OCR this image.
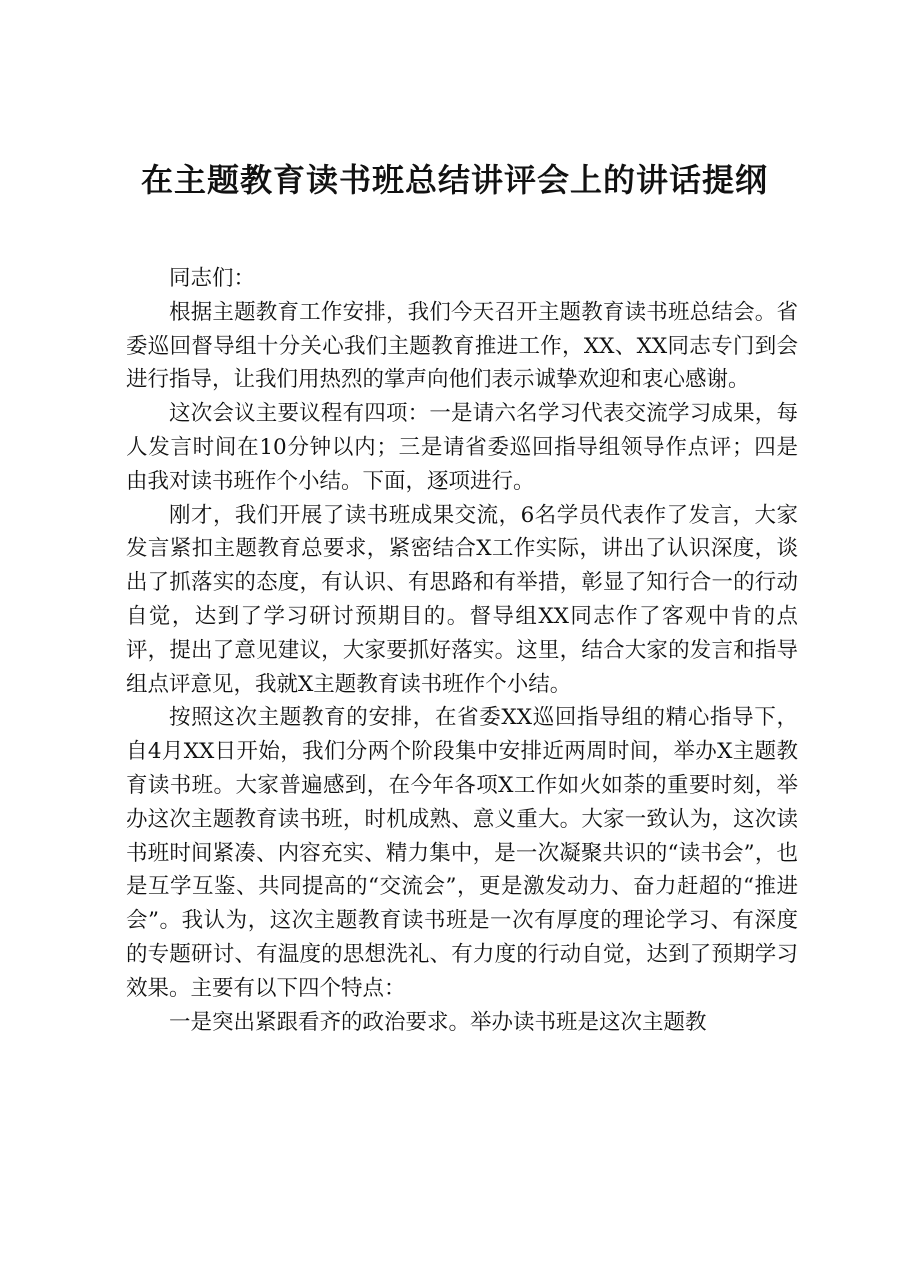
在主题教育读书班总结讲评会上的讲话提纲

同志们：

根据主题教育工作安排，我们今天召开主题教育读书班总结会。省委巡回督导组十分关心我们主题教育推进工作，XX、XX同志专门到会进行指导，让我们用热烈的掌声向他们表示诚挚欢迎和衷心感谢。

这次会议主要议程有四项：一是请六名学习代表交流学习成果，每人发言时间在10分钟以内；三是请省委巡回指导组领导作点评；四是由我对读书班作个小结。下面，逐项进行。

刚才，我们开展了读书班成果交流，6名学员代表作了发言，大家发言紧扣主题教育总要求，紧密结合X工作实际，讲出了认识深度，谈出了抓落实的态度，有认识、有思路和有举措，彰显了知行合一的行动自觉，达到了学习研讨预期目的。督导组XX同志作了客观中肯的点评，提出了意见建议，大家要抓好落实。这里，结合大家的发言和指导组点评意见，我就X主题教育读书班作个小结。

按照这次主题教育的安排，在省委XX巡回指导组的精心指导下，自4月XX日开始，我们分两个阶段集中安排近两周时间，举办X主题教育读书班。大家普遍感到，在今年各项X工作如火如荼的重要时刻，举办这次主题教育读书班，时机成熟、意义重大。大家一致认为，这次读书班时间紧凑、内容充实、精力集中，是一次凝聚共识的“读书会”，也是互学互鉴、共同提高的“交流会”，更是激发动力、奋力赶超的“推进会”。我认为，这次主题教育读书班是一次有厚度的理论学习、有深度的专题研讨、有温度的思想洗礼、有力度的行动自觉，达到了预期学习效果。主要有以下四个特点：

一是突出紧跟看齐的政治要求。举办读书班是这次主题教
